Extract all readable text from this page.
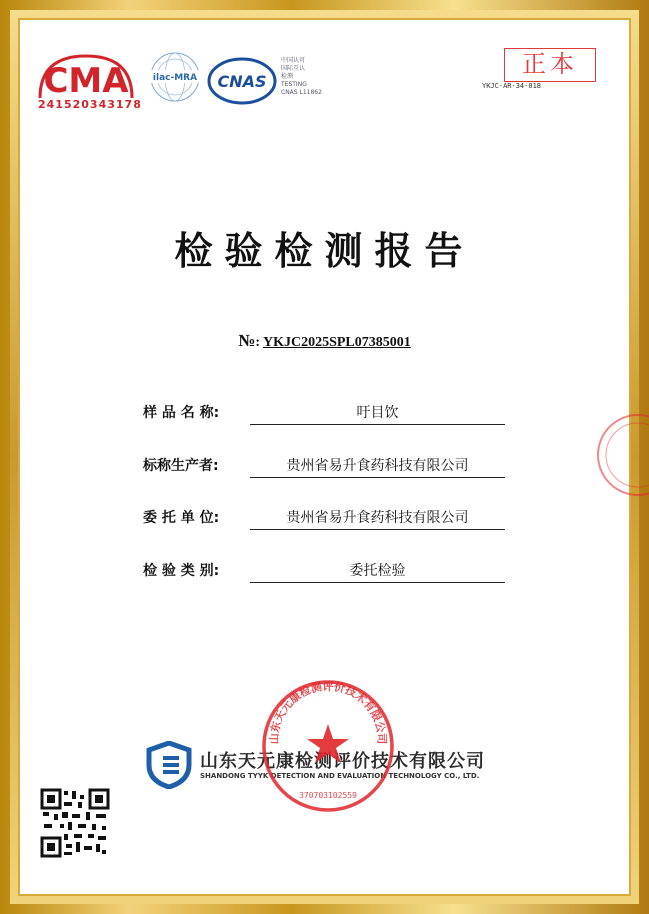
CMA
241520343178
ilac-MRA CNAS
中国认可
国际互认
检测
TESTING
CNAS L11862
正本
YKJC-AR-34-018
检验检测报告
№: YKJC2025SPL07385001
样 品 名 称:	吁目饮
标称生产者:	贵州省易升食药科技有限公司
委 托 单 位:	贵州省易升食药科技有限公司
检 验 类 别:	委托检验
山东天元康检测评价技术有限公司
SHANDONG TYYK DETECTION AND EVALUATION TECHNOLOGY CO., LTD.
山东天元康检测评价技术有限公司
370703102559
